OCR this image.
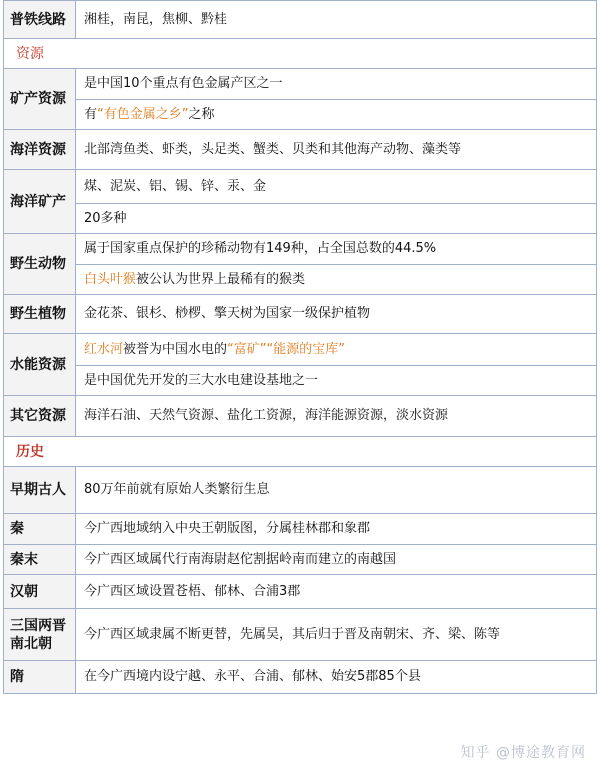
普铁线路	湘桂，南昆，焦柳、黔桂
资源	
矿产资源	是中国10个重点有色金属产区之一
	有“有色金属之乡”之称
海洋资源	北部湾鱼类、虾类，头足类、蟹类、贝类和其他海产动物、藻类等
海洋矿产	煤、泥炭、铝、锡、锌、汞、金
	20多种
野生动物	属于国家重点保护的珍稀动物有149种，占全国总数的44.5%
	白头叶猴被公认为世界上最稀有的猴类
野生植物	金花茶、银杉、桫椤、擎天树为国家一级保护植物
水能资源	红水河被誉为中国水电的“富矿”“能源的宝库”
	是中国优先开发的三大水电建设基地之一
其它资源	海洋石油、天然气资源、盐化工资源，海洋能源资源，淡水资源
历史	
早期古人	80万年前就有原始人类繁衍生息
秦	今广西地域纳入中央王朝版图，分属桂林郡和象郡
秦末	今广西区域属代行南海尉赵佗割据岭南而建立的南越国
汉朝	今广西区域设置苍梧、郁林、合浦3郡
三国两晋南北朝	今广西区域隶属不断更替，先属吴，其后归于晋及南朝宋、齐、梁、陈等
隋	在今广西境内设宁越、永平、合浦、郁林、始安5郡85个县
知乎 @博途教育网
